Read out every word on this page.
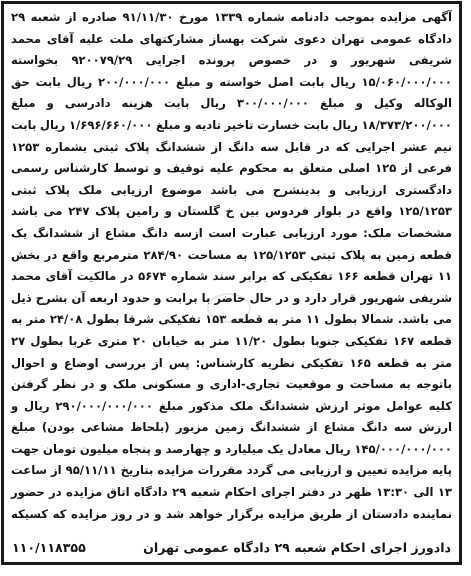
آگهی مزایده بموجب دادنامه شماره ۱۳۳۹ مورخ ۹۱/۱۱/۳۰ صادره از شعبه ۲۹ دادگاه عمومی تهران دعوی شرکت بهساز مشارکتهای ملت علیه آقای محمد شریفی شهریور و در خصوص پرونده اجرایی ۹۲۰۰۷۹/۲۹ بخواسته ۱۵/۰۶۰/۰۰۰/۰۰۰ ریال بابت اصل خواسته و مبلغ ۲۰۰/۰۰۰/۰۰۰ ریال بابت حق الوکاله وکیل و مبلغ ۳۰۰/۰۰۰/۰۰۰ ریال بابت هزینه دادرسی و مبلغ ۱۸/۳۷۳/۲۰۰/۰۰۰ ریال بابت خسارت تاخیر تادیه و مبلغ ۱/۶۹۶/۶۶۰/۰۰۰ ریال بابت نیم عشر اجرایی که در قابل سه دانگ از ششدانگ پلاک ثبتی بشماره ۱۲۵۳ فرعی از ۱۲۵ اصلی متعلق به محکوم علیه توقیف و توسط کارشناس رسمی دادگستری ارزیابی و بدینشرح می باشد موضوع ارزیابی ملک پلاک ثبتی ۱۲۵/۱۲۵۳ واقع در بلوار فردوس بین خ گلستان و رامین پلاک ۲۴۷ می باشد مشخصات ملک: مورد ارزیابی عبارت است ازسه دانگ مشاع از ششدانگ یک قطعه زمین به پلاک ثبتی ۱۲۵/۱۲۵۳ به مساحت ۲۸۴/۹۰ مترمربع واقع در بخش ۱۱ تهران قطعه ۱۶۶ تفکیکی که برابر سند شماره ۵۶۷۴ در مالکیت آقای محمد شریفی شهریور قرار دارد و در حال حاضر با برابت و حدود اربعه آن بشرح ذیل می باشد. شمالا بطول ۱۱ متر به قطعه ۱۵۳ تفکیکی شرقا بطول ۲۴/۰۸ متر به قطعه ۱۶۷ تفکیکی جنوبا بطول ۱۱/۲۰ متر به خیابان ۲۰ متری غربا بطول ۲۷ متر به قطعه ۱۶۵ تفکیکی نظریه کارشناس: پس از بررسی اوضاع و احوال باتوجه به مساحت و موقعیت تجاری-اداری و مسکونی ملک و در نظر گرفتن کلیه عوامل موثر ارزش ششدانگ ملک مذکور مبلغ ۲۹۰/۰۰۰/۰۰۰/۰۰۰ ریال و ارزش سه دانگ مشاع از ششدانگ زمین مزبور (بلحاظ مشاعی بودن) مبلغ ۱۴۵/۰۰۰/۰۰۰/۰۰۰ ریال معادل یک میلیارد و چهارصد و پنجاه میلیون تومان جهت پایه مزایده تعیین و ارزیابی می گردد مقررات مزایده بتاریخ ۹۵/۱۱/۱۱ از ساعت ۱۳ الی ۱۳:۳۰ ظهر در دفتر اجرای احکام شعبه ۲۹ دادگاه اتاق مزایده در حضور نماینده دادستان از طریق مزایده برگزار خواهد شد و در روز مزایده که کسیکه
دادورز اجرای احکام شعبه ۲۹ دادگاه عمومی تهران
۱۱۰/۱۱۸۳۵۵
